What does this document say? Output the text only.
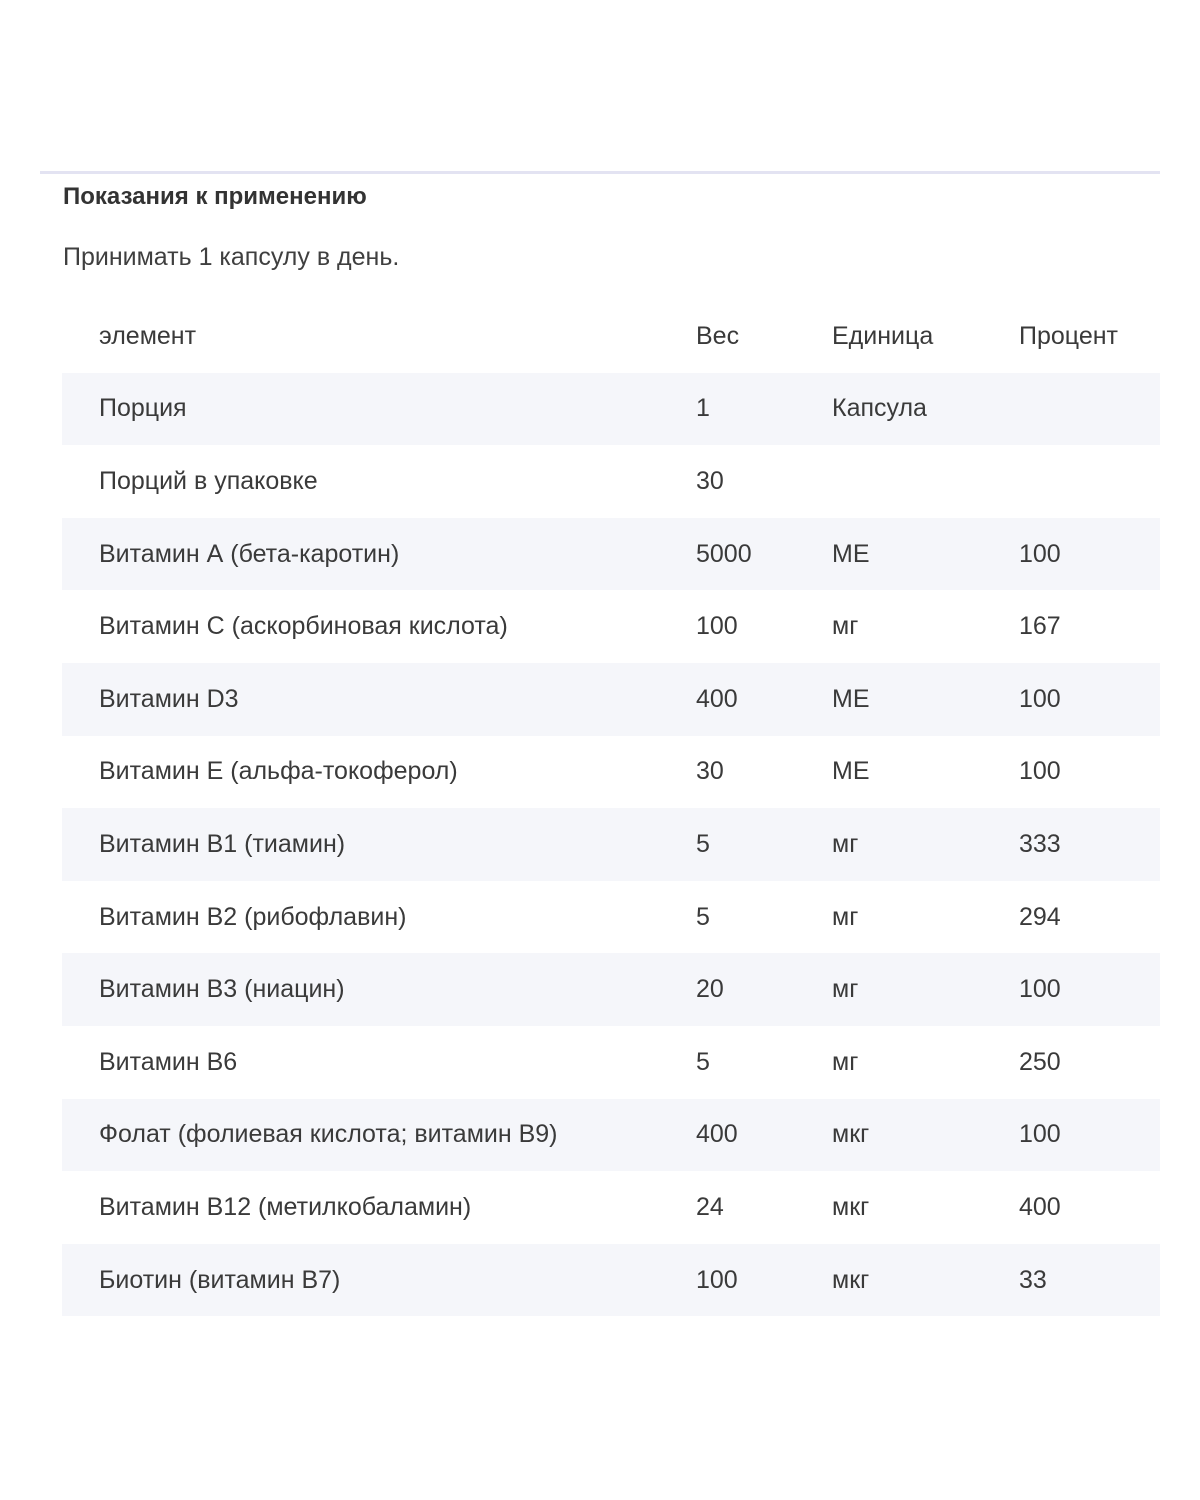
Показания к применению
Принимать 1 капсулу в день.
элемент	Вес	Единица	Процент
Порция	1	Капсула
Порций в упаковке	30
Витамин А (бета-каротин)	5000	МЕ	100
Витамин С (аскорбиновая кислота)	100	мг	167
Витамин D3	400	МЕ	100
Витамин Е (альфа-токоферол)	30	МЕ	100
Витамин B1 (тиамин)	5	мг	333
Витамин B2 (рибофлавин)	5	мг	294
Витамин B3 (ниацин)	20	мг	100
Витамин B6	5	мг	250
Фолат (фолиевая кислота; витамин B9)	400	мкг	100
Витамин B12 (метилкобаламин)	24	мкг	400
Биотин (витамин B7)	100	мкг	33
